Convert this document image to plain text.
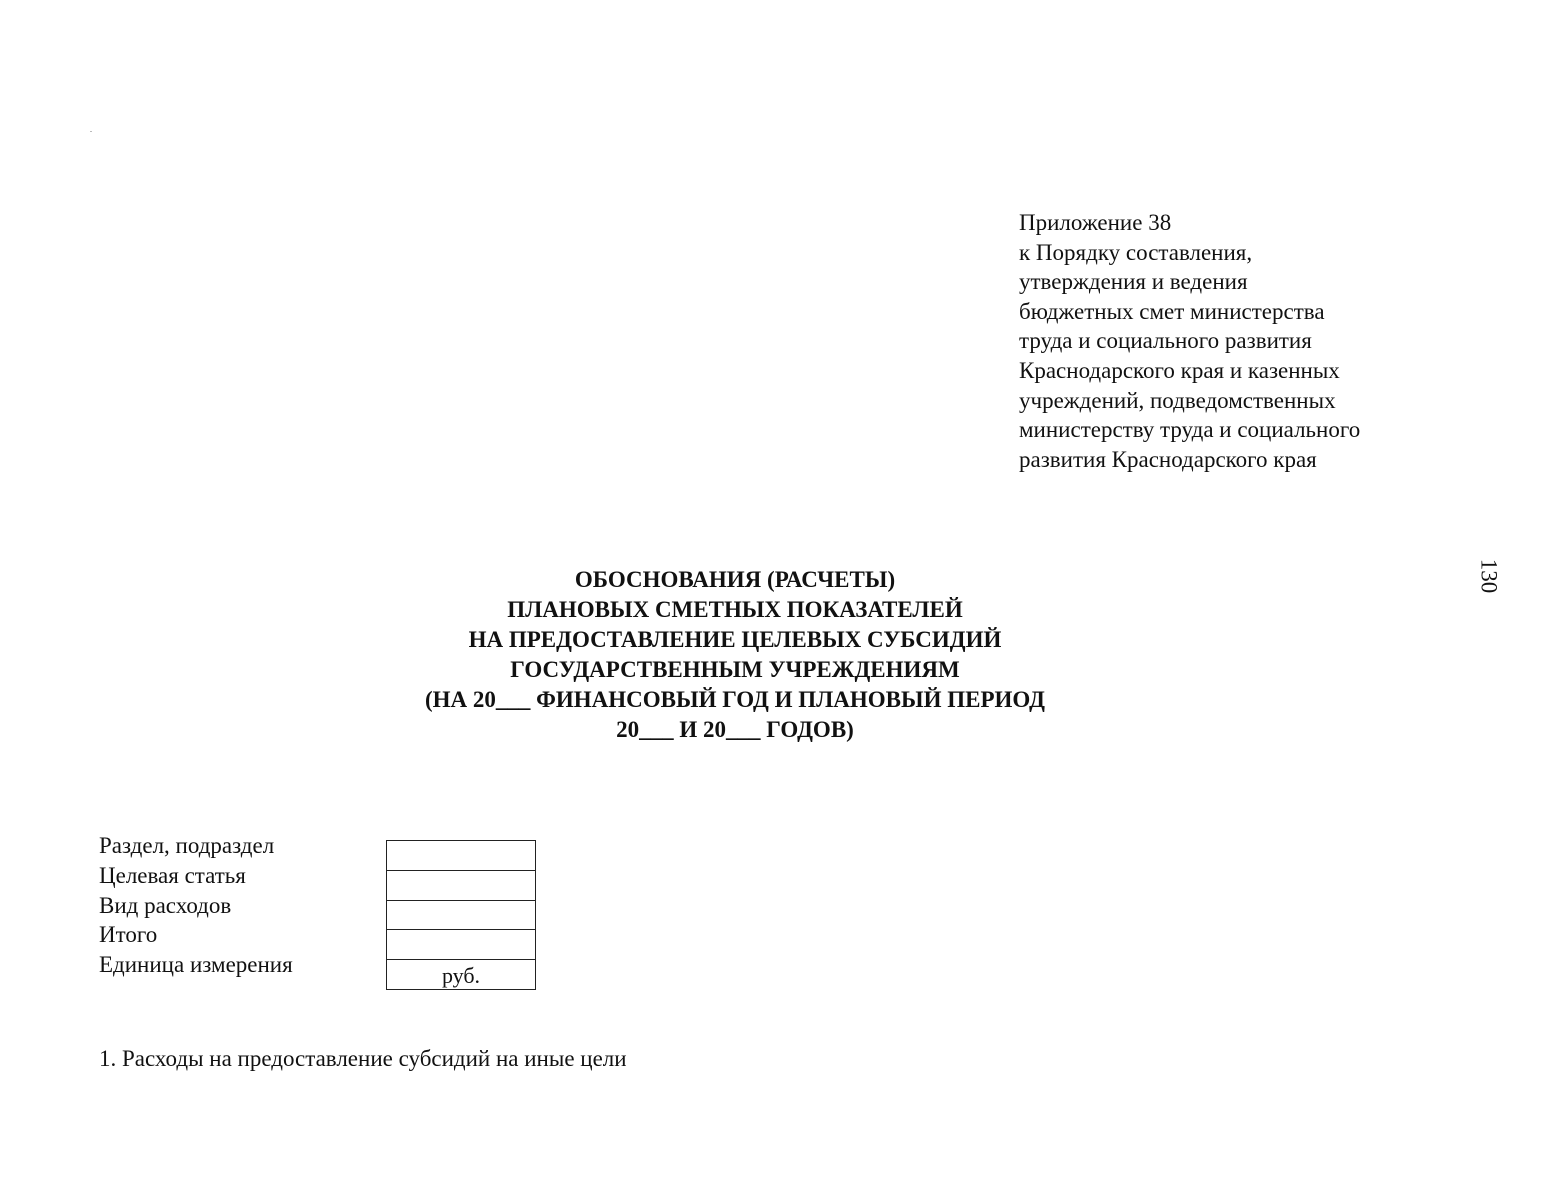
Приложение 38
к Порядку составления,
утверждения и ведения
бюджетных смет министерства
труда и социального развития
Краснодарского края и казенных
учреждений, подведомственных
министерству труда и социального
развития Краснодарского края
130
ОБОСНОВАНИЯ (РАСЧЕТЫ)
ПЛАНОВЫХ СМЕТНЫХ ПОКАЗАТЕЛЕЙ
НА ПРЕДОСТАВЛЕНИЕ ЦЕЛЕВЫХ СУБСИДИЙ
ГОСУДАРСТВЕННЫМ УЧРЕЖДЕНИЯМ
(НА 20___ ФИНАНСОВЫЙ ГОД И ПЛАНОВЫЙ ПЕРИОД
20___ И 20___ ГОДОВ)
Раздел, подраздел
Целевая статья
Вид расходов
Итого
Единица измерения	руб.
1. Расходы на предоставление субсидий на иные цели
